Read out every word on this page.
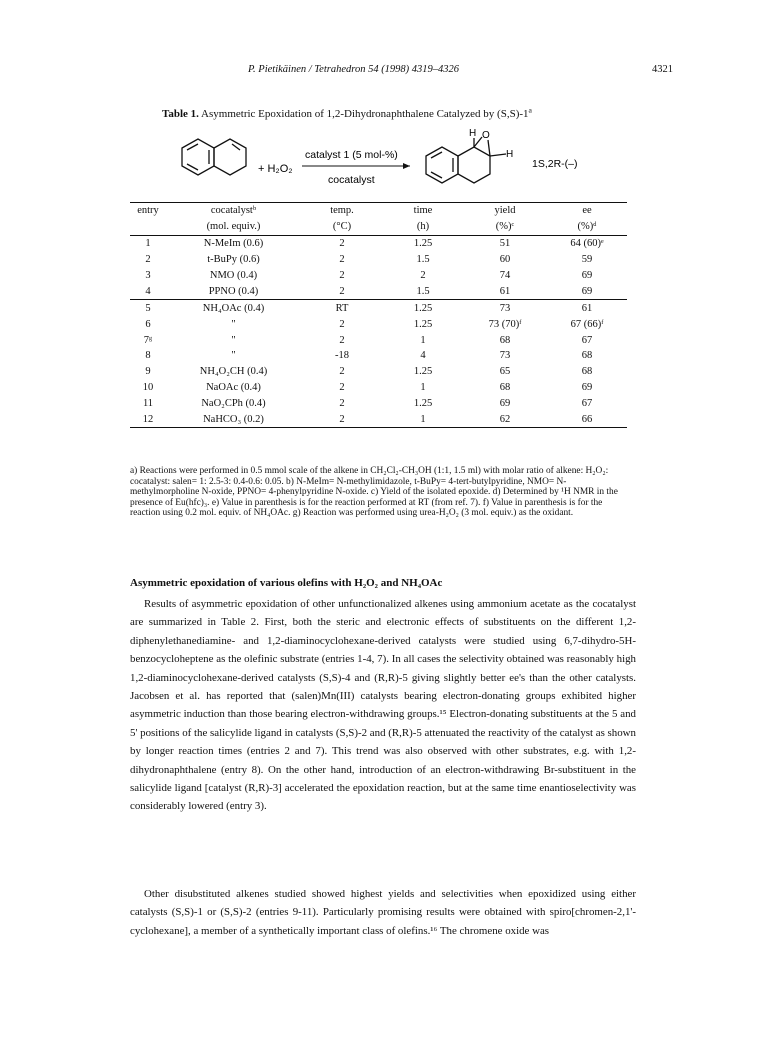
P. Pietikäinen / Tetrahedron 54 (1998) 4319–4326	4321
Table 1. Asymmetric Epoxidation of 1,2-Dihydronaphthalene Catalyzed by $(S,S)-1^a$
+ H₂O₂
catalyst 1 (5 mol-%)
cocatalyst
H O
H
1S,2R-(–)
entry	cocatalystᵇ	temp.	time	yield	ee
	(mol. equiv.)	(°C)	(h)	(%)ᶜ	(%)ᵈ
1	N-MeIm (0.6)	2	1.25	51	64 (60)ᵉ
2	t-BuPy (0.6)	2	1.5	60	59
3	NMO (0.4)	2	2	74	69
4	PPNO (0.4)	2	1.5	61	69
5	NH₄OAc (0.4)	RT	1.25	73	61
6	"	2	1.25	73 (70)ᶠ	67 (66)ᶠ
7ᵍ	"	2	1	68	67
8	"	-18	4	73	68
9	NH₄O₂CH (0.4)	2	1.25	65	68
10	NaOAc (0.4)	2	1	68	69
11	NaO₂CPh (0.4)	2	1.25	69	67
12	NaHCO₃ (0.2)	2	1	62	66
a) Reactions were performed in 0.5 mmol scale of the alkene in CH₂Cl₂-CH₃OH (1:1, 1.5 ml) with molar ratio of alkene: H₂O₂: cocatalyst: salen= 1: 2.5-3: 0.4-0.6: 0.05. b) N-MeIm= N-methylimidazole, t-BuPy= 4-tert-butylpyridine, NMO= N-methylmorpholine N-oxide, PPNO= 4-phenylpyridine N-oxide. c) Yield of the isolated epoxide. d) Determined by ¹H NMR in the presence of Eu(hfc)₃. e) Value in parenthesis is for the reaction performed at RT (from ref. 7). f) Value in parenthesis is for the reaction using 0.2 mol. equiv. of NH₄OAc. g) Reaction was performed using urea-H₂O₂ (3 mol. equiv.) as the oxidant.
Asymmetric epoxidation of various olefins with H₂O₂ and NH₄OAc
Results of asymmetric epoxidation of other unfunctionalized alkenes using ammonium acetate as the cocatalyst are summarized in Table 2. First, both the steric and electronic effects of substituents on the different 1,2-diphenylethanediamine- and 1,2-diaminocyclohexane-derived catalysts were studied using 6,7-dihydro-5H-benzocycloheptene as the olefinic substrate (entries 1-4, 7). In all cases the selectivity obtained was reasonably high 1,2-diaminocyclohexane-derived catalysts (S,S)-4 and (R,R)-5 giving slightly better ee's than the other catalysts. Jacobsen et al. has reported that (salen)Mn(III) catalysts bearing electron-donating groups exhibited higher asymmetric induction than those bearing electron-withdrawing groups.¹⁵ Electron-donating substituents at the 5 and 5' positions of the salicylide ligand in catalysts (S,S)-2 and (R,R)-5 attenuated the reactivity of the catalyst as shown by longer reaction times (entries 2 and 7). This trend was also observed with other substrates, e.g. with 1,2-dihydronaphthalene (entry 8). On the other hand, introduction of an electron-withdrawing Br-substituent in the salicylide ligand [catalyst (R,R)-3] accelerated the epoxidation reaction, but at the same time enantioselectivity was considerably lowered (entry 3).
Other disubstituted alkenes studied showed highest yields and selectivities when epoxidized using either catalysts (S,S)-1 or (S,S)-2 (entries 9-11). Particularly promising results were obtained with spiro[chromen-2,1'-cyclohexane], a member of a synthetically important class of olefins.¹⁶ The chromene oxide was
